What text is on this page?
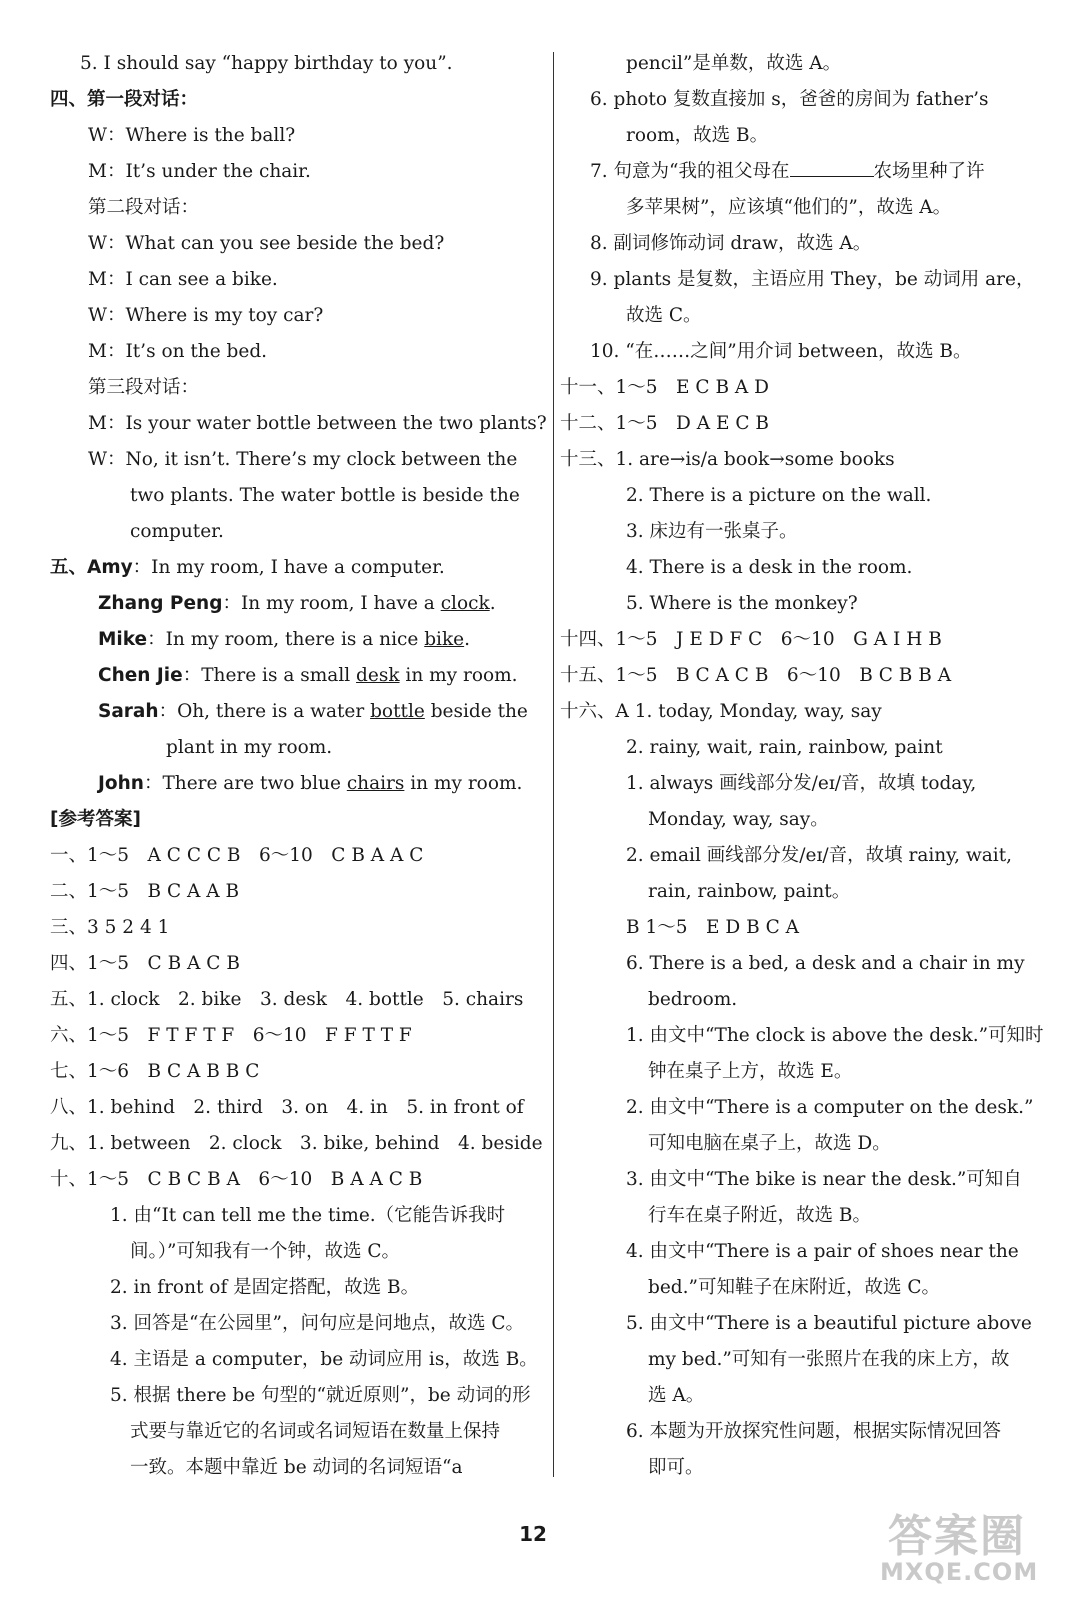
5. I should say “happy birthday to you”.
四、第一段对话：
W：Where is the ball?
M：It’s under the chair.
第二段对话：
W：What can you see beside the bed?
M：I can see a bike.
W：Where is my toy car?
M：It’s on the bed.
第三段对话：
M：Is your water bottle between the two plants?
W：No, it isn’t. There’s my clock between the
two plants. The water bottle is beside the
computer.
五、Amy：In my room, I have a computer.
Zhang Peng：In my room, I have a clock.
Mike：In my room, there is a nice bike.
Chen Jie：There is a small desk in my room.
Sarah：Oh, there is a water bottle beside the
plant in my room.
John：There are two blue chairs in my room.
[参考答案]
一、1～5　A C C C B　6～10　C B A A C
二、1～5　B C A A B
三、3 5 2 4 1
四、1～5　C B A C B
五、1. clock　2. bike　3. desk　4. bottle　5. chairs
六、1～5　F T F T F　6～10　F F T T F
七、1～6　B C A B B C
八、1. behind　2. third　3. on　4. in　5. in front of
九、1. between　2. clock　3. bike, behind　4. beside
十、1～5　C B C B A　6～10　B A A C B
1. 由“It can tell me the time.（它能告诉我时
间。）”可知我有一个钟，故选 C。
2. in front of 是固定搭配，故选 B。
3. 回答是“在公园里”，问句应是问地点，故选 C。
4. 主语是 a computer，be 动词应用 is，故选 B。
5. 根据 there be 句型的“就近原则”，be 动词的形
式要与靠近它的名词或名词短语在数量上保持
一致。本题中靠近 be 动词的名词短语“a
pencil”是单数，故选 A。
6. photo 复数直接加 s，爸爸的房间为 father’s
room，故选 B。
7. 句意为“我的祖父母在	农场里种了许
多苹果树”，应该填“他们的”，故选 A。
8. 副词修饰动词 draw，故选 A。
9. plants 是复数，主语应用 They，be 动词用 are，
故选 C。
10. “在……之间”用介词 between，故选 B。
十一、1～5　E C B A D
十二、1～5　D A E C B
十三、1. are→is/a book→some books
2. There is a picture on the wall.
3. 床边有一张桌子。
4. There is a desk in the room.
5. Where is the monkey?
十四、1～5　J E D F C　6～10　G A I H B
十五、1～5　B C A C B　6～10　B C B B A
十六、A 1. today, Monday, way, say
2. rainy, wait, rain, rainbow, paint
1. always 画线部分发/eɪ/音，故填 today,
Monday, way, say。
2. email 画线部分发/eɪ/音，故填 rainy, wait,
rain, rainbow, paint。
B 1～5　E D B C A
6. There is a bed, a desk and a chair in my
bedroom.
1. 由文中“The clock is above the desk.”可知时
钟在桌子上方，故选 E。
2. 由文中“There is a computer on the desk.”
可知电脑在桌子上，故选 D。
3. 由文中“The bike is near the desk.”可知自
行车在桌子附近，故选 B。
4. 由文中“There is a pair of shoes near the
bed.”可知鞋子在床附近，故选 C。
5. 由文中“There is a beautiful picture above
my bed.”可知有一张照片在我的床上方，故
选 A。
6. 本题为开放探究性问题，根据实际情况回答
即可。
12	答案圈
MXQE.COM
